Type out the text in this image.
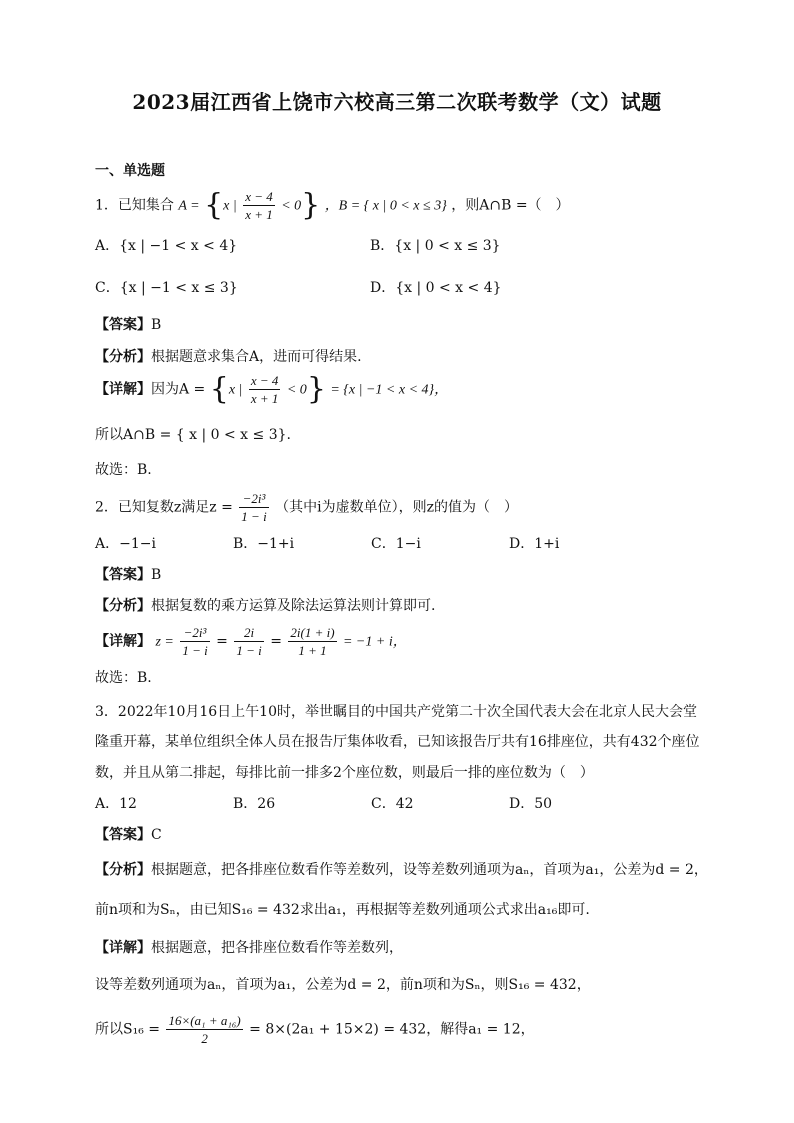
2023届江西省上饶市六校高三第二次联考数学（文）试题
一、单选题
1．已知集合 A = {x | $\frac{x - 4}{x + 1} < 0$} ，B = { x | 0 < x ≤ 3} ，则A∩B =（　）
A．{x | −1 < x < 4}	B．{x | 0 < x ≤ 3}
C．{x | −1 < x ≤ 3}	D．{x | 0 < x < 4}
【答案】B
【分析】根据题意求集合A，进而可得结果.
【详解】因为A = {x | $\frac{x - 4}{x + 1} < 0\} = \{x$ | −1 < x < 4}，
所以A∩B = { x | 0 < x ≤ 3}.
故选：B.
2．已知复数z满足$z = \frac{\text{−2i³}}{1 - i}$ （其中i为虚数单位），则z的值为（　）
A．−1−i	B．−1+i	C．1−i	D．1+i
【答案】B
【分析】根据复数的乘方运算及除法运算法则计算即可.
【详解】 $z = \frac{\text{−2i³}}{1 - i} = \frac{2i}{1 - i} = \frac{2i(1 + i)}{1 + 1} = -1 + i$，
故选：B.
3．2022年10月16日上午10时，举世瞩目的中国共产党第二十次全国代表大会在北京人民大会堂
隆重开幕，某单位组织全体人员在报告厅集体收看，已知该报告厅共有16排座位，共有432个座位
数，并且从第二排起，每排比前一排多2个座位数，则最后一排的座位数为（　）
A．12	B．26	C．42	D．50
【答案】C
【分析】根据题意，把各排座位数看作等差数列，设等差数列通项为aₙ，首项为a₁，公差为d = 2，
前n项和为Sₙ，由已知S₁₆ = 432求出a₁，再根据等差数列通项公式求出a₁₆即可.
【详解】根据题意，把各排座位数看作等差数列，
设等差数列通项为aₙ，首项为a₁，公差为d = 2，前n项和为Sₙ，则S₁₆ = 432，
所以$S_{16} = \frac{\text{16×(a₁ + a₁₆)}}{2} = 8\times(2a_1 + 15\times 2) = 432$，解得a₁ = 12，
